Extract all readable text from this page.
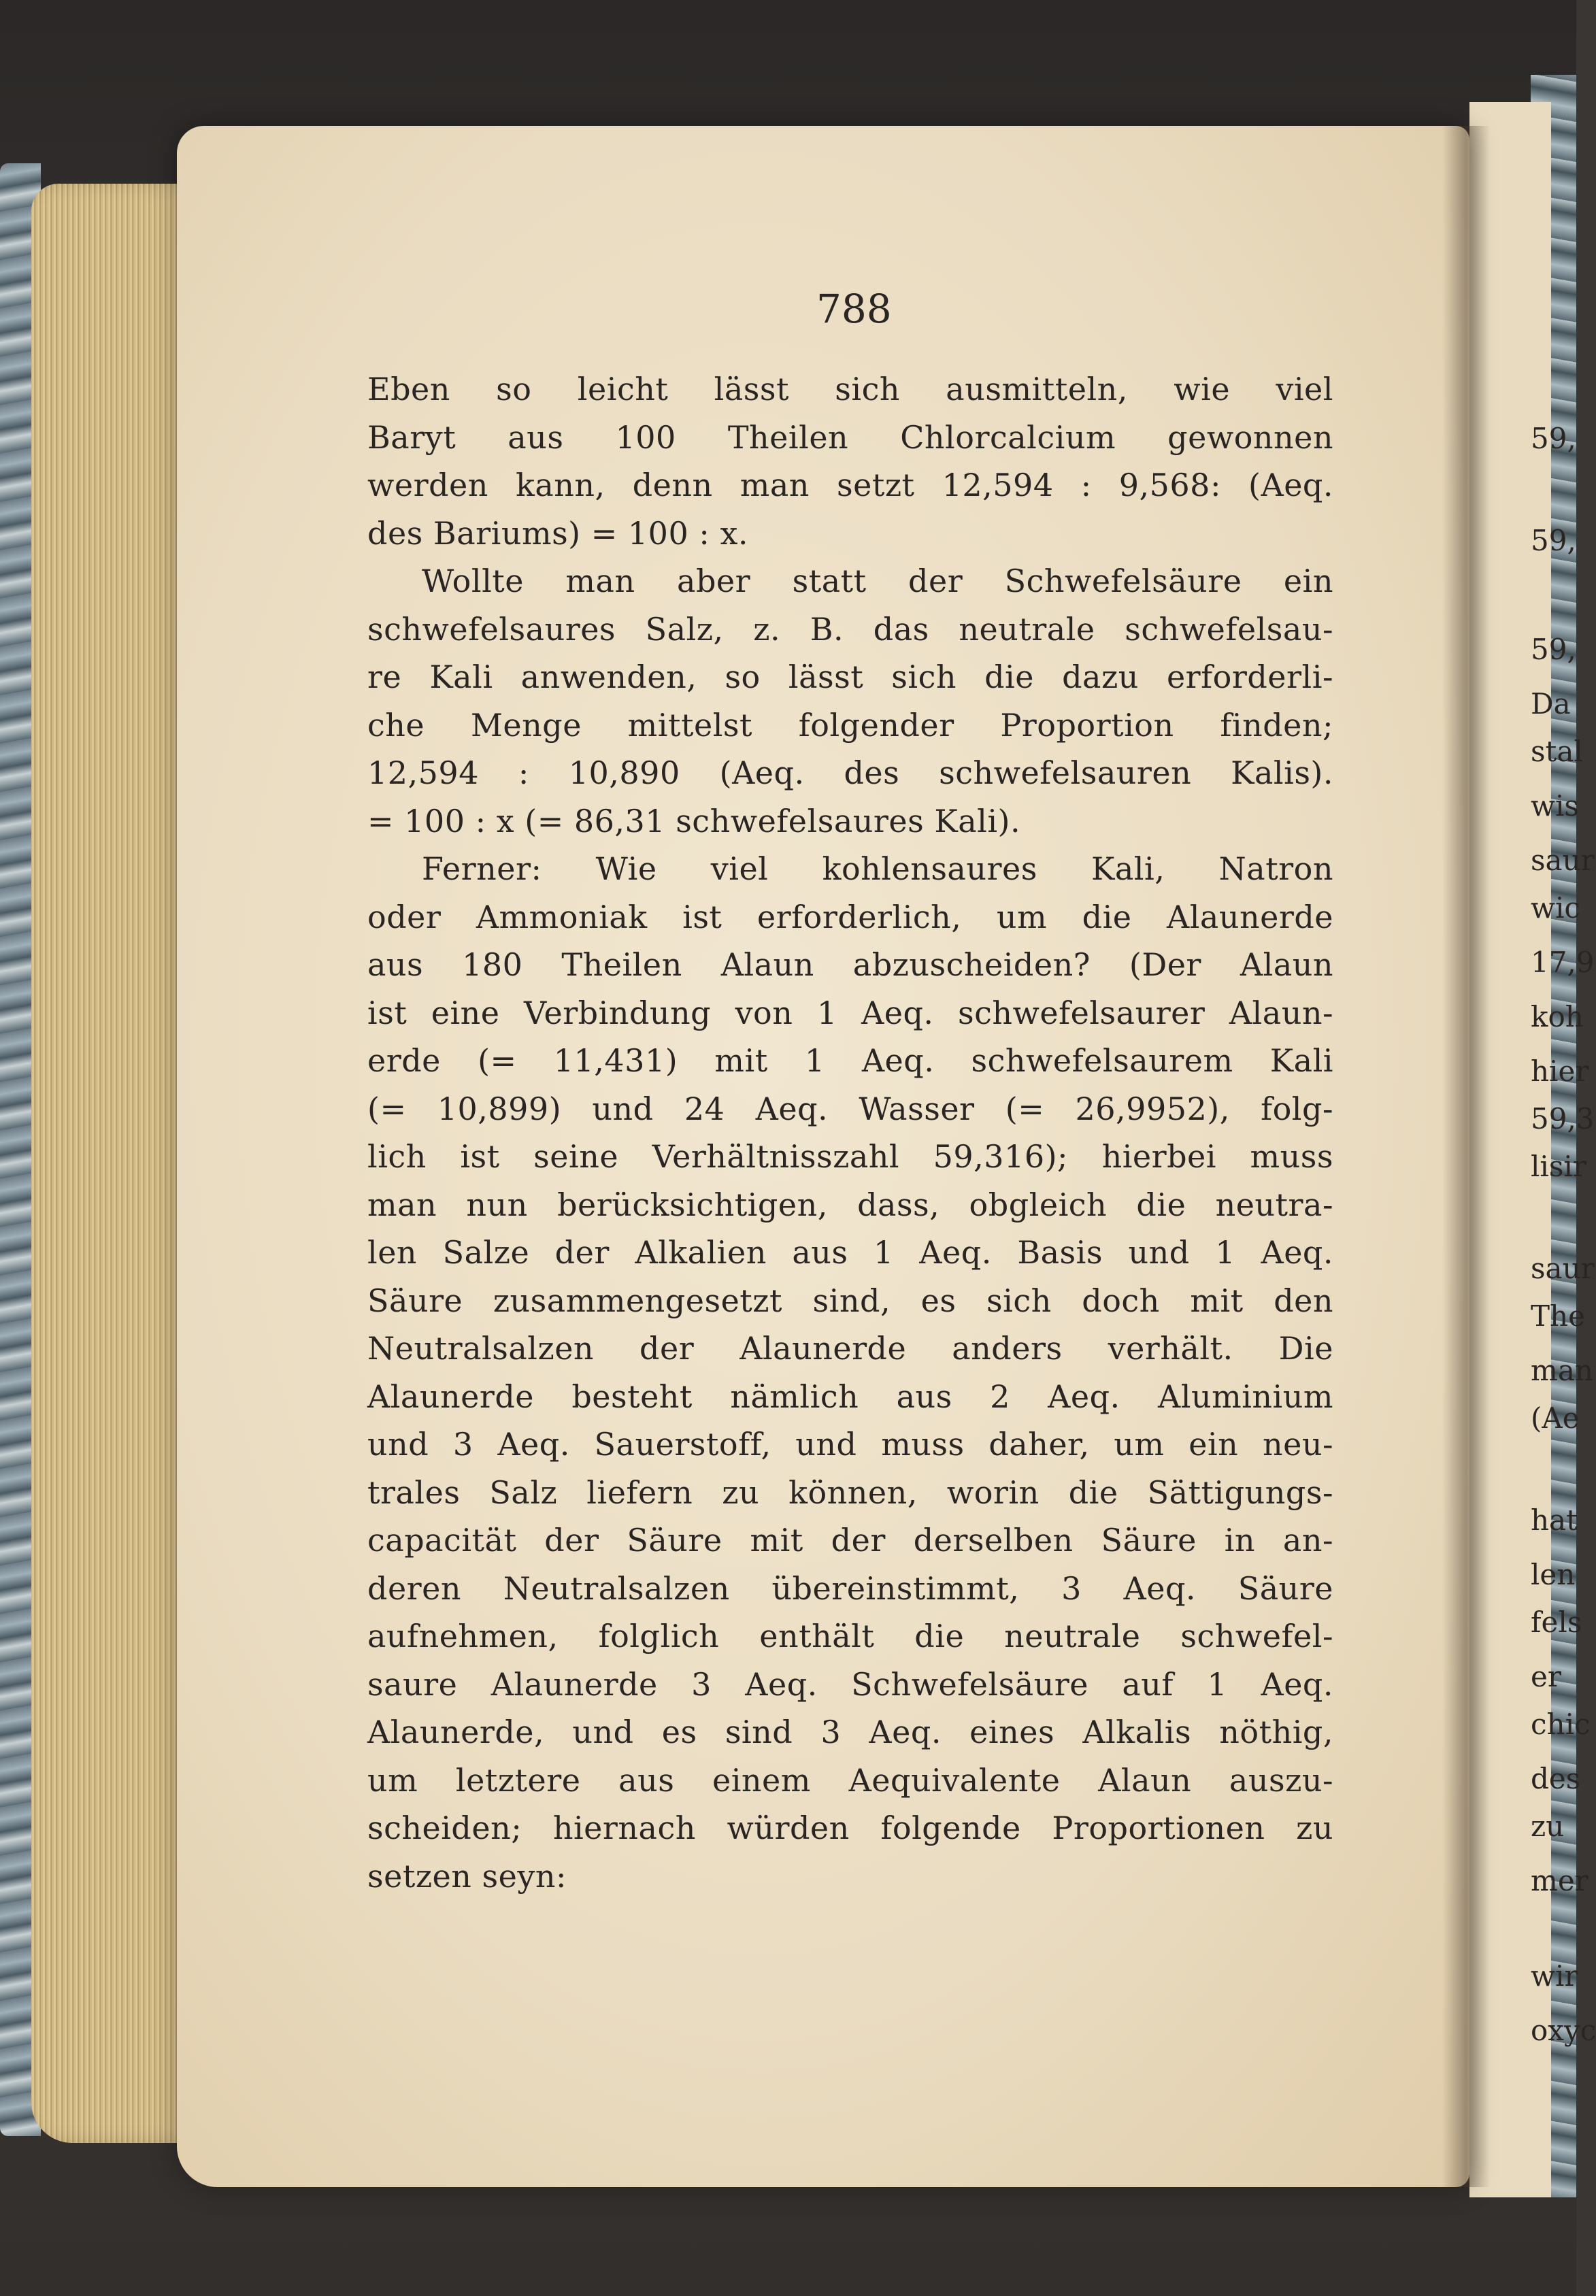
788
Eben so leicht lässt sich ausmitteln, wie viel
Baryt aus 100 Theilen Chlorcalcium gewonnen
werden kann, denn man setzt 12,594 : 9,568: (Aeq.
des Bariums) = 100 : x.
Wollte man aber statt der Schwefelsäure ein
schwefelsaures Salz, z. B. das neutrale schwefelsau-
re Kali anwenden, so lässt sich die dazu erforderli-
che Menge mittelst folgender Proportion finden;
12,594 : 10,890 (Aeq. des schwefelsauren Kalis).
= 100 : x (= 86,31 schwefelsaures Kali).
Ferner: Wie viel kohlensaures Kali, Natron
oder Ammoniak ist erforderlich, um die Alaunerde
aus 180 Theilen Alaun abzuscheiden? (Der Alaun
ist eine Verbindung von 1 Aeq. schwefelsaurer Alaun-
erde (= 11,431) mit 1 Aeq. schwefelsaurem Kali
(= 10,899) und 24 Aeq. Wasser (= 26,9952), folg-
lich ist seine Verhältnisszahl 59,316); hierbei muss
man nun berücksichtigen, dass, obgleich die neutra-
len Salze der Alkalien aus 1 Aeq. Basis und 1 Aeq.
Säure zusammengesetzt sind, es sich doch mit den
Neutralsalzen der Alaunerde anders verhält. Die
Alaunerde besteht nämlich aus 2 Aeq. Aluminium
und 3 Aeq. Sauerstoff, und muss daher, um ein neu-
trales Salz liefern zu können, worin die Sättigungs-
capacität der Säure mit der derselben Säure in an-
deren Neutralsalzen übereinstimmt, 3 Aeq. Säure
aufnehmen, folglich enthält die neutrale schwefel-
saure Alaunerde 3 Aeq. Schwefelsäure auf 1 Aeq.
Alaunerde, und es sind 3 Aeq. eines Alkalis nöthig,
um letztere aus einem Aequivalente Alaun auszu-
scheiden; hiernach würden folgende Proportionen zu
setzen seyn:
59,
59,
59,
Da
stal
wis
saur
wic
17,9
koh
hier
59,3
lisir
saur
The
man
(Ae
hat
len
fels
er
chic
des
zu
mer
wir
oxyc
